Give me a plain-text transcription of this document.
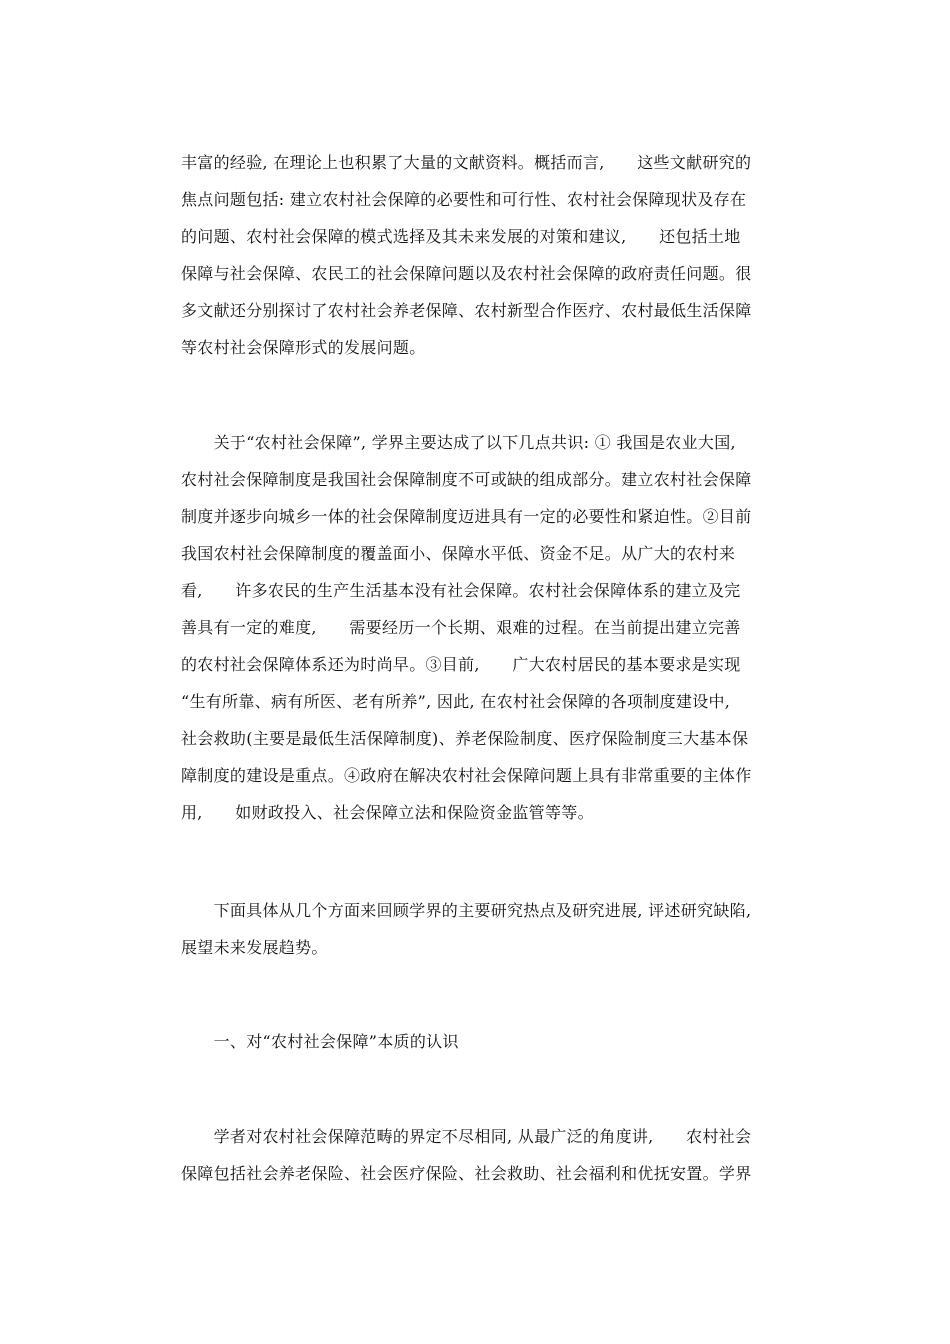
丰富的经验, 在理论上也积累了大量的文献资料。概括而言,　　这些文献研究的
焦点问题包括: 建立农村社会保障的必要性和可行性、农村社会保障现状及存在
的问题、农村社会保障的模式选择及其未来发展的对策和建议,　　还包括土地
保障与社会保障、农民工的社会保障问题以及农村社会保障的政府责任问题。很
多文献还分别探讨了农村社会养老保障、农村新型合作医疗、农村最低生活保障
等农村社会保障形式的发展问题。
　　关于“农村社会保障”, 学界主要达成了以下几点共识: ① 我国是农业大国,
农村社会保障制度是我国社会保障制度不可或缺的组成部分。建立农村社会保障
制度并逐步向城乡一体的社会保障制度迈进具有一定的必要性和紧迫性。②目前
我国农村社会保障制度的覆盖面小、保障水平低、资金不足。从广大的农村来
看,　　许多农民的生产生活基本没有社会保障。农村社会保障体系的建立及完
善具有一定的难度,　　需要经历一个长期、艰难的过程。在当前提出建立完善
的农村社会保障体系还为时尚早。③目前,　　广大农村居民的基本要求是实现
“生有所靠、病有所医、老有所养”, 因此, 在农村社会保障的各项制度建设中,
社会救助(主要是最低生活保障制度)、养老保险制度、医疗保险制度三大基本保
障制度的建设是重点。④政府在解决农村社会保障问题上具有非常重要的主体作
用,　　如财政投入、社会保障立法和保险资金监管等等。
　　下面具体从几个方面来回顾学界的主要研究热点及研究进展, 评述研究缺陷,
展望未来发展趋势。
　　一、对“农村社会保障”本质的认识
　　学者对农村社会保障范畴的界定不尽相同, 从最广泛的角度讲,　　农村社会
保障包括社会养老保险、社会医疗保险、社会救助、社会福利和优抚安置。学界
